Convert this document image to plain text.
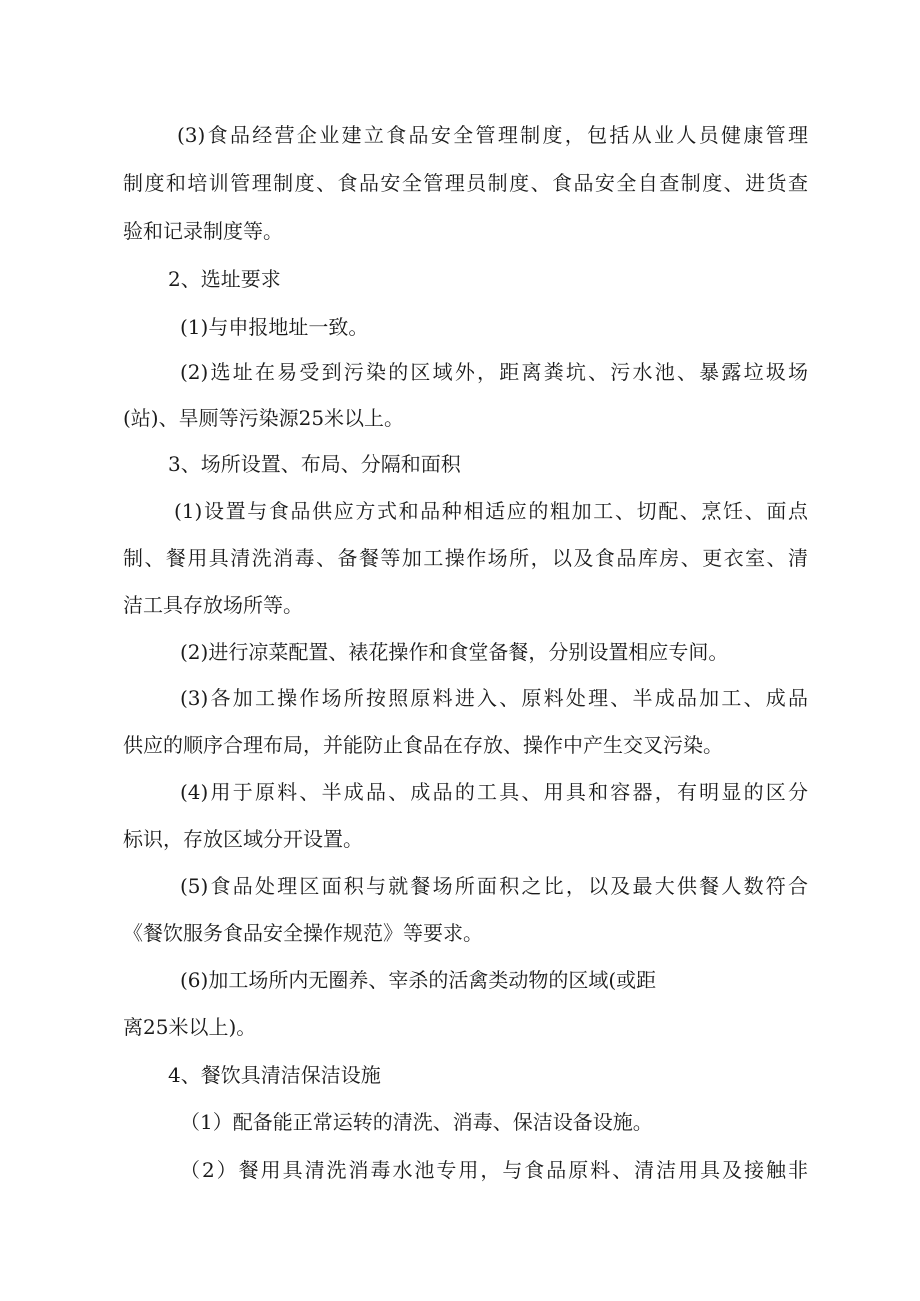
(3)食品经营企业建立食品安全管理制度，包括从业人员健康管理
制度和培训管理制度、食品安全管理员制度、食品安全自查制度、进货查
验和记录制度等。
2、选址要求
(1)与申报地址一致。
(2)选址在易受到污染的区域外，距离粪坑、污水池、暴露垃圾场
(站)、旱厕等污染源25米以上。
3、场所设置、布局、分隔和面积
(1)设置与食品供应方式和品种相适应的粗加工、切配、烹饪、面点
制、餐用具清洗消毒、备餐等加工操作场所，以及食品库房、更衣室、清
洁工具存放场所等。
(2)进行凉菜配置、裱花操作和食堂备餐，分别设置相应专间。
(3)各加工操作场所按照原料进入、原料处理、半成品加工、成品
供应的顺序合理布局，并能防止食品在存放、操作中产生交叉污染。
(4)用于原料、半成品、成品的工具、用具和容器，有明显的区分
标识，存放区域分开设置。
(5)食品处理区面积与就餐场所面积之比，以及最大供餐人数符合
《餐饮服务食品安全操作规范》等要求。
(6)加工场所内无圈养、宰杀的活禽类动物的区域(或距
离25米以上)。
4、餐饮具清洁保洁设施
（1）配备能正常运转的清洗、消毒、保洁设备设施。
（2）餐用具清洗消毒水池专用，与食品原料、清洁用具及接触非
